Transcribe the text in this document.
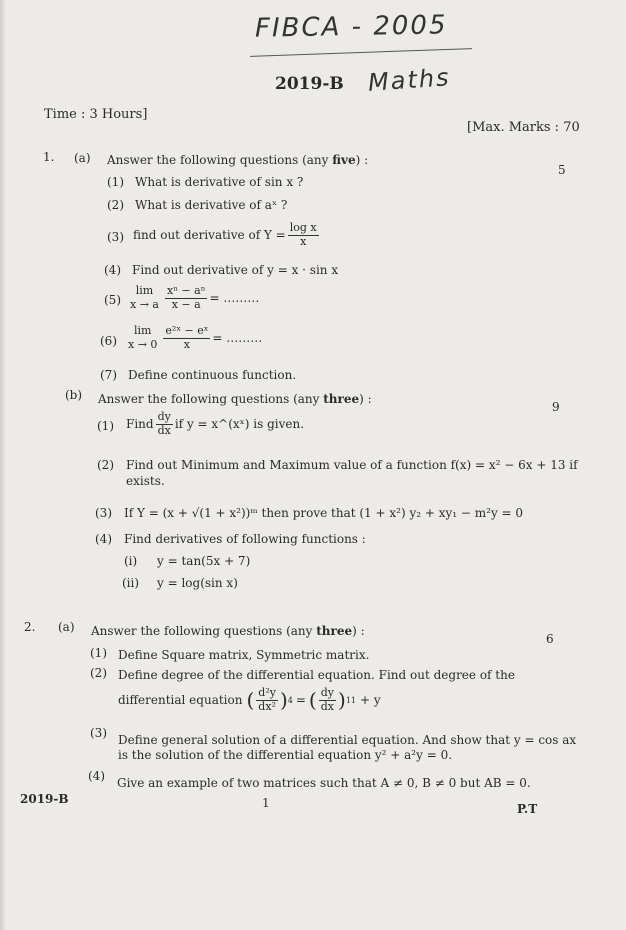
FIBCA - 2005
Maths
2019-B
Time : 3 Hours]
[Max. Marks : 70
1. (a) Answer the following questions (any five) :
5
(1) What is derivative of sin x ?
(2) What is derivative of aˣ ?
(3) find out derivative of $Y = \frac{\text{log x}}{x}$
(4) Find out derivative of y = x · sin x
(5)
lim
x → a $\frac{\text{xⁿ − aⁿ}}{x - a}$ = ………
(6)
lim
$x \to 0 \frac{\text{e²ˣ − eˣ}}{x}$ = ………
(7) Define continuous function.
(b) Answer the following questions (any three) :
9
(1) Find $\frac{dy}{dx}$ if y = x^(xˣ) is given.
(2) Find out Minimum and Maximum value of a function f(x) = x² − 6x + 13 if
exists.
(3) If Y = (x + √(1 + x²))ᵐ then prove that (1 + x²) y₂ + xy₁ − m²y = 0
(4) Find derivatives of following functions :
(i) y = tan(5x + 7)
(ii) y = log(sin x)
2. (a) Answer the following questions (any three) :
6
(1) Define Square matrix, Symmetric matrix.
(2) Define degree of the differential equation. Find out degree of the
differential equation ( $\frac{\text{d²y}}{\text{dx²}}$ ) 4 = ( $\frac{dy}{dx}$ ) 11 + y
(3) Define general solution of a differential equation. And show that y = cos ax
is the solution of the differential equation y² + a²y = 0.
(4) Give an example of two matrices such that A ≠ 0, B ≠ 0 but AB = 0.
2019-B	1	P.T
